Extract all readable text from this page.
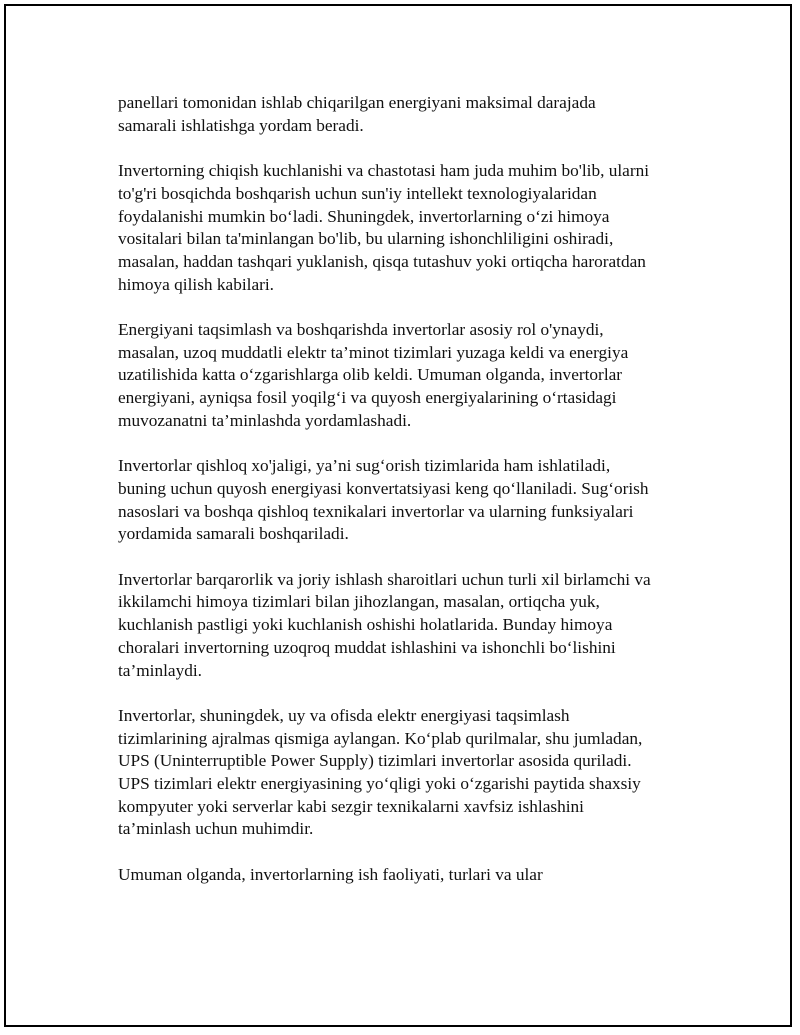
panellari tomonidan ishlab chiqarilgan energiyani maksimal darajada
samarali ishlatishga yordam beradi.

Invertorning chiqish kuchlanishi va chastotasi ham juda muhim bo'lib, ularni
to'g'ri bosqichda boshqarish uchun sun'iy intellekt texnologiyalaridan
foydalanishi mumkin bo‘ladi. Shuningdek, invertorlarning o‘zi himoya
vositalari bilan ta'minlangan bo'lib, bu ularning ishonchliligini oshiradi,
masalan, haddan tashqari yuklanish, qisqa tutashuv yoki ortiqcha haroratdan
himoya qilish kabilari.

Energiyani taqsimlash va boshqarishda invertorlar asosiy rol o'ynaydi,
masalan, uzoq muddatli elektr ta’minot tizimlari yuzaga keldi va energiya
uzatilishida katta o‘zgarishlarga olib keldi. Umuman olganda, invertorlar
energiyani, ayniqsa fosil yoqilg‘i va quyosh energiyalarining o‘rtasidagi
muvozanatni ta’minlashda yordamlashadi.

Invertorlar qishloq xo'jaligi, ya’ni sug‘orish tizimlarida ham ishlatiladi,
buning uchun quyosh energiyasi konvertatsiyasi keng qo‘llaniladi. Sug‘orish
nasoslari va boshqa qishloq texnikalari invertorlar va ularning funksiyalari
yordamida samarali boshqariladi.

Invertorlar barqarorlik va joriy ishlash sharoitlari uchun turli xil birlamchi va
ikkilamchi himoya tizimlari bilan jihozlangan, masalan, ortiqcha yuk,
kuchlanish pastligi yoki kuchlanish oshishi holatlarida. Bunday himoya
choralari invertorning uzoqroq muddat ishlashini va ishonchli bo‘lishini
ta’minlaydi.

Invertorlar, shuningdek, uy va ofisda elektr energiyasi taqsimlash
tizimlarining ajralmas qismiga aylangan. Ko‘plab qurilmalar, shu jumladan,
UPS (Uninterruptible Power Supply) tizimlari invertorlar asosida quriladi.
UPS tizimlari elektr energiyasining yo‘qligi yoki o‘zgarishi paytida shaxsiy
kompyuter yoki serverlar kabi sezgir texnikalarni xavfsiz ishlashini
ta’minlash uchun muhimdir.

Umuman olganda, invertorlarning ish faoliyati, turlari va ular
